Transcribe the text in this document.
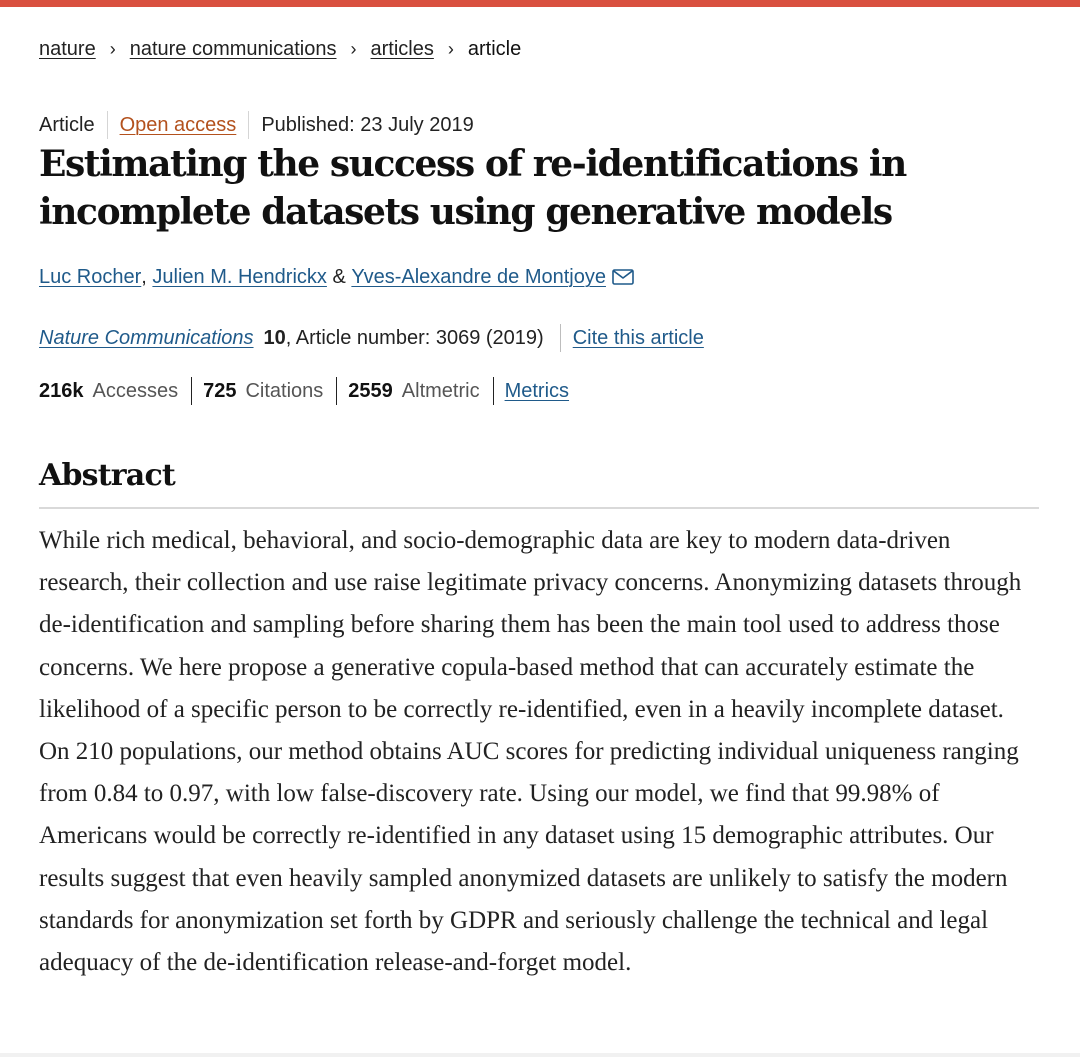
nature › nature communications › articles › article
Article Open access Published: 23 July 2019
Estimating the success of re-identifications in incomplete datasets using generative models
Luc Rocher , Julien M. Hendrickx & Yves-Alexandre de Montjoye
Nature Communications 10 , Article number: 3069 (2019) Cite this article
216k Accesses 725 Citations 2559 Altmetric Metrics
Abstract

While rich medical, behavioral, and socio-demographic data are key to modern data-driven research, their collection and use raise legitimate privacy concerns. Anonymizing datasets through de-identification and sampling before sharing them has been the main tool used to address those concerns. We here propose a generative copula-based method that can accurately estimate the likelihood of a specific person to be correctly re-identified, even in a heavily incomplete dataset. On 210 populations, our method obtains AUC scores for predicting individual uniqueness ranging from 0.84 to 0.97, with low false-discovery rate. Using our model, we find that 99.98% of Americans would be correctly re-identified in any dataset using 15 demographic attributes. Our results suggest that even heavily sampled anonymized datasets are unlikely to satisfy the modern standards for anonymization set forth by GDPR and seriously challenge the technical and legal adequacy of the de-identification release-and-forget model.
